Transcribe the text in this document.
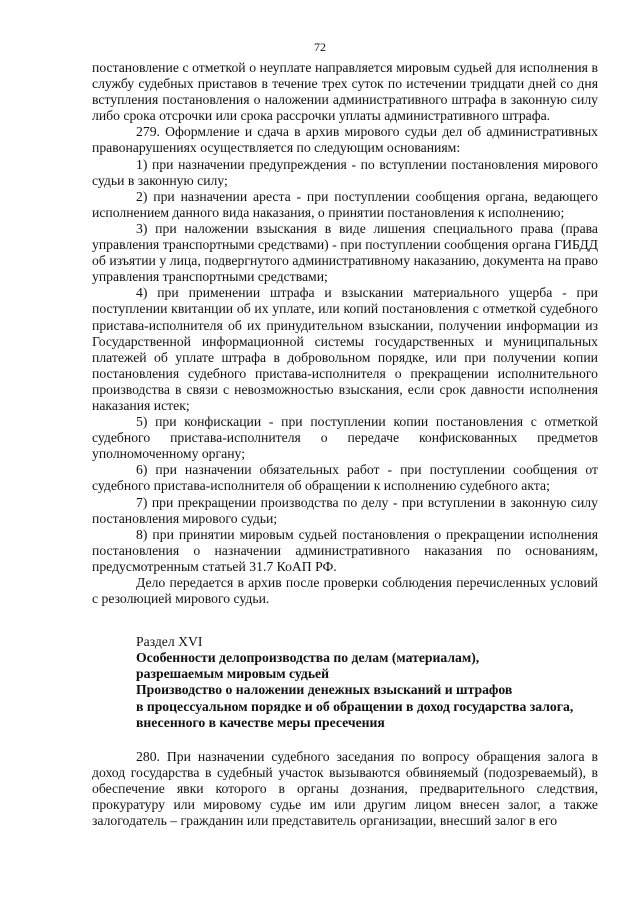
72

постановление с отметкой о неуплате направляется мировым судьей для исполнения в службу судебных приставов в течение трех суток по истечении тридцати дней со дня вступления постановления о наложении административного штрафа в законную силу либо срока отсрочки или срока рассрочки уплаты административного штрафа.

279. Оформление и сдача в архив мирового судьи дел об административных правонарушениях осуществляется по следующим основаниям:

1) при назначении предупреждения - по вступлении постановления мирового судьи в законную силу;

2) при назначении ареста - при поступлении сообщения органа, ведающего исполнением данного вида наказания, о принятии постановления к исполнению;

3) при наложении взыскания в виде лишения специального права (права управления транспортными средствами) - при поступлении сообщения органа ГИБДД об изъятии у лица, подвергнутого административному наказанию, документа на право управления транспортными средствами;

4) при применении штрафа и взыскании материального ущерба - при поступлении квитанции об их уплате, или копий постановления с отметкой судебного пристава-исполнителя об их принудительном взыскании, получении информации из Государственной информационной системы государственных и муниципальных платежей об уплате штрафа в добровольном порядке, или при получении копии постановления судебного пристава-исполнителя о прекращении исполнительного производства в связи с невозможностью взыскания, если срок давности исполнения наказания истек;

5) при конфискации - при поступлении копии постановления с отметкой судебного пристава-исполнителя о передаче конфискованных предметов уполномоченному органу;

6) при назначении обязательных работ - при поступлении сообщения от судебного пристава-исполнителя об обращении к исполнению судебного акта;

7) при прекращении производства по делу - при вступлении в законную силу постановления мирового судьи;

8) при принятии мировым судьей постановления о прекращении исполнения постановления о назначении административного наказания по основаниям, предусмотренным статьей 31.7 КоАП РФ.

Дело передается в архив после проверки соблюдения перечисленных условий с резолюцией мирового судьи.

Раздел XVI

Особенности делопроизводства по делам (материалам),
разрешаемым мировым судьей

Производство о наложении денежных взысканий и штрафов
в процессуальном порядке и об обращении в доход государства залога,
внесенного в качестве меры пресечения

280. При назначении судебного заседания по вопросу обращения залога в доход государства в судебный участок вызываются обвиняемый (подозреваемый), в обеспечение явки которого в органы дознания, предварительного следствия, прокуратуру или мировому судье им или другим лицом внесен залог, а также залогодатель – гражданин или представитель организации, внесший залог в его
